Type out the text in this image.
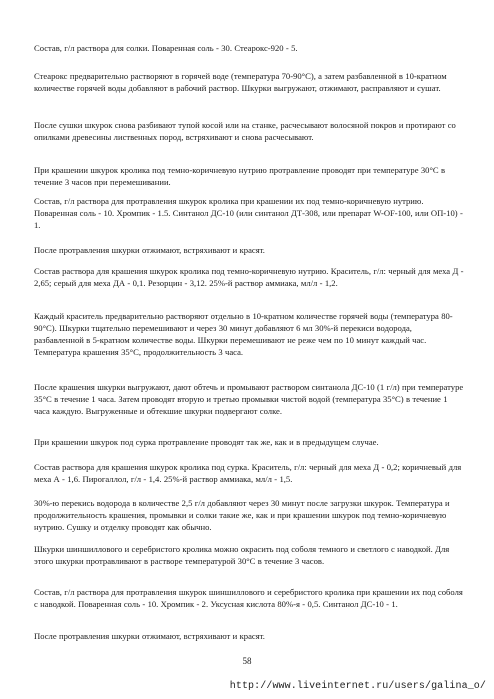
Состав, г/л раствора для солки. Поваренная соль - 30. Стеарокс-920 - 5.

Стеарокс предварительно растворяют в горячей воде (температура 70-90°С), а затем разбавленной в 10-кратном количестве горячей воды добавляют в рабочий раствор. Шкурки выгружают, отжимают, расправляют и сушат.

После сушки шкурок снова разбивают тупой косой или на станке, расчесывают волосяной покров и протирают со опилками древесины лиственных пород, встряхивают и снова расчесывают.

При крашении шкурок кролика под темно-коричневую нутрию протравление проводят при температуре 30°С в течение 3 часов при перемешивании.

Состав, г/л раствора для протравления шкурок кролика при крашении их под темно-коричневую нутрию. Поваренная соль - 10. Хромпик - 1.5. Синтанол ДС-10 (или синтанол ДТ-308, или препарат W-OF-100, или ОП-10) - 1.

После протравления шкурки отжимают, встряхивают и красят.

Состав раствора для крашения шкурок кролика под темно-коричневую нутрию. Краситель, г/л: черный для меха Д - 2,65; серый для меха ДА - 0,1. Резорцин - 3,12. 25%-й раствор аммиака, мл/л - 1,2.

Каждый краситель предварительно растворяют отдельно в 10-кратном количестве горячей воды (температура 80-90°С). Шкурки тщательно перемешивают и через 30 минут добавляют 6 мл 30%-й перекиси водорода, разбавленной в 5-кратном количестве воды. Шкурки перемешивают не реже чем по 10 минут каждый час. Температура крашения 35°С, продолжительность 3 часа.

После крашения шкурки выгружают, дают обтечь и промывают раствором синтанола ДС-10 (1 г/л) при температуре 35°С в течение 1 часа. Затем проводят вторую и третью промывки чистой водой (температура 35°С) в течение 1 часа каждую. Выгруженные и обтекшие шкурки подвергают солке.

При крашении шкурок под сурка протравление проводят так же, как и в предыдущем случае.

Состав раствора для крашения шкурок кролика под сурка. Краситель, г/л: черный для меха Д - 0,2; коричневый для меха А - 1,6. Пирогаллол, г/л - 1,4. 25%-й раствор аммиака, мл/л - 1,5.

30%-ю перекись водорода в количестве 2,5 г/л добавляют через 30 минут после загрузки шкурок. Температура и продолжительность крашения, промывки и солки такие же, как и при крашении шкурок под темно-коричневую нутрию. Сушку и отделку проводят как обычно.

Шкурки шиншиллового и серебристого кролика можно окрасить под соболя темного и светлого с наводкой. Для этого шкурки протравливают в растворе температурой 30°С в течение 3 часов.

Состав, г/л раствора для протравления шкурок шиншиллового и серебристого кролика при крашении их под соболя с наводкой. Поваренная соль - 10. Хромпик - 2. Уксусная кислота 80%-я - 0,5. Синтанол ДС-10 - 1.

После протравления шкурки отжимают, встряхивают и красят.

58
http://www.liveinternet.ru/users/galina_o/
